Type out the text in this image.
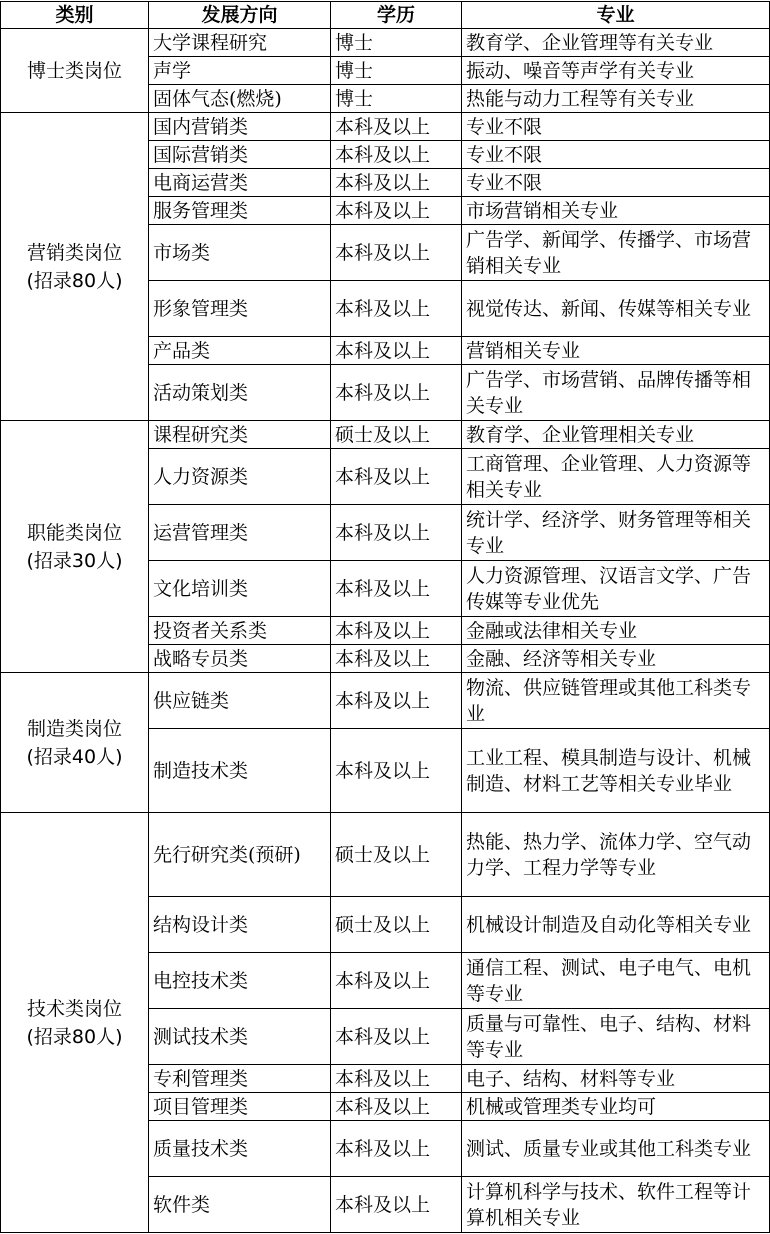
类别	发展方向	学历	专业

博士类岗位	大学课程研究	博士	教育学、企业管理等有关专业
	声学	博士	振动、噪音等声学有关专业
	固体气态(燃烧)	博士	热能与动力工程等有关专业

营销类岗位
(招录80人)	国内营销类	本科及以上	专业不限
	国际营销类	本科及以上	专业不限
	电商运营类	本科及以上	专业不限
	服务管理类	本科及以上	市场营销相关专业
	市场类	本科及以上	广告学、新闻学、传播学、市场营销相关专业
	形象管理类	本科及以上	视觉传达、新闻、传媒等相关专业
	产品类	本科及以上	营销相关专业
	活动策划类	本科及以上	广告学、市场营销、品牌传播等相关专业

职能类岗位
(招录30人)	课程研究类	硕士及以上	教育学、企业管理相关专业
	人力资源类	本科及以上	工商管理、企业管理、人力资源等相关专业
	运营管理类	本科及以上	统计学、经济学、财务管理等相关专业
	文化培训类	本科及以上	人力资源管理、汉语言文学、广告传媒等专业优先
	投资者关系类	本科及以上	金融或法律相关专业
	战略专员类	本科及以上	金融、经济等相关专业

制造类岗位
(招录40人)	供应链类	本科及以上	物流、供应链管理或其他工科类专业
	制造技术类	本科及以上	工业工程、模具制造与设计、机械制造、材料工艺等相关专业毕业

技术类岗位
(招录80人)	先行研究类(预研)	硕士及以上	热能、热力学、流体力学、空气动力学、工程力学等专业
	结构设计类	硕士及以上	机械设计制造及自动化等相关专业
	电控技术类	本科及以上	通信工程、测试、电子电气、电机等专业
	测试技术类	本科及以上	质量与可靠性、电子、结构、材料等专业
	专利管理类	本科及以上	电子、结构、材料等专业
	项目管理类	本科及以上	机械或管理类专业均可
	质量技术类	本科及以上	测试、质量专业或其他工科类专业
	软件类	本科及以上	计算机科学与技术、软件工程等计算机相关专业
